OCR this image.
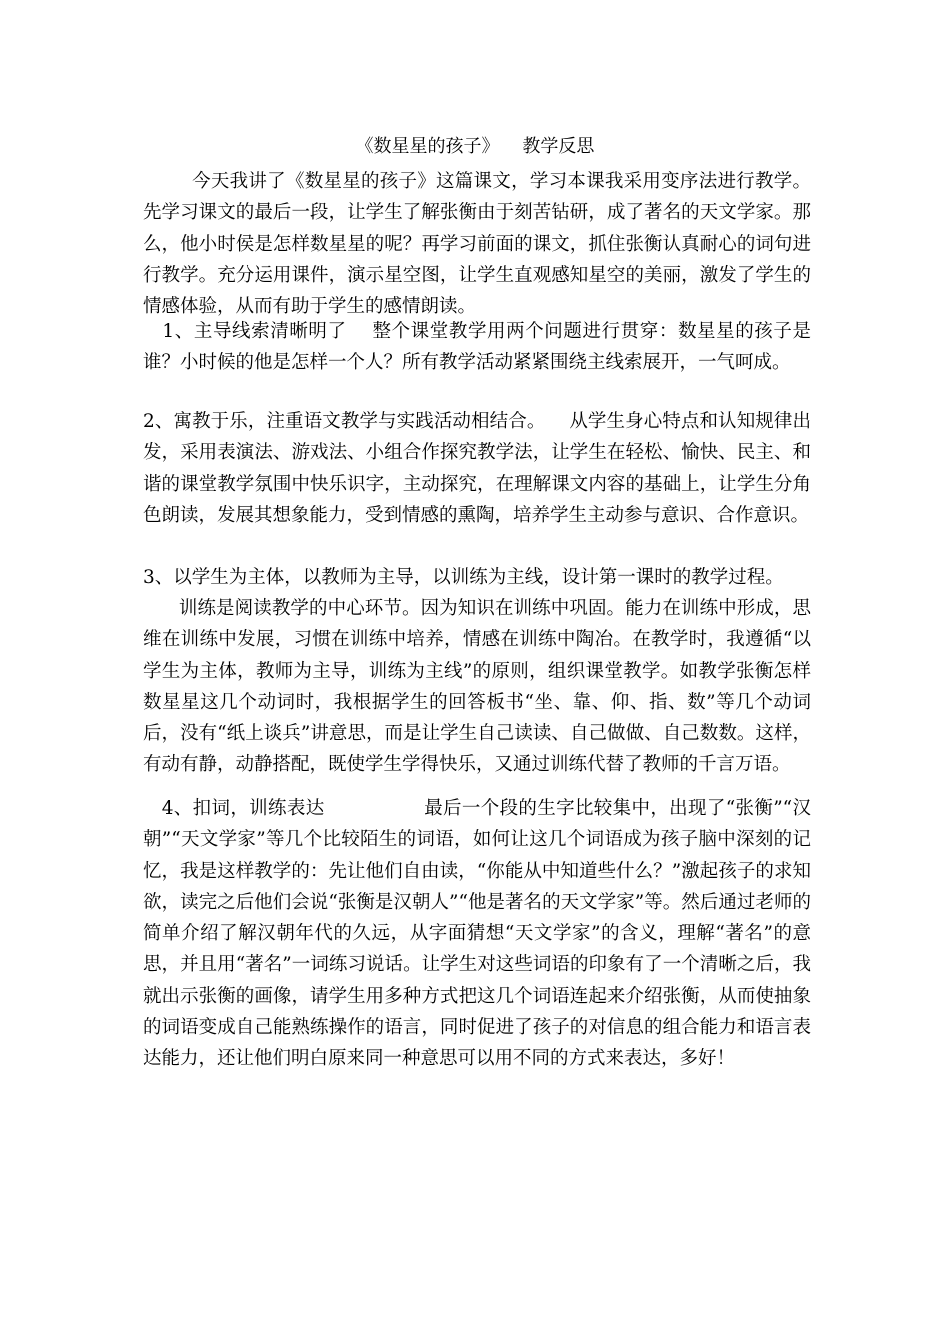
《数星星的孩子》    教学反思

今天我讲了《数星星的孩子》这篇课文，学习本课我采用变序法进行教学。先学习课文的最后一段，让学生了解张衡由于刻苦钻研，成了著名的天文学家。那么，他小时侯是怎样数星星的呢？再学习前面的课文，抓住张衡认真耐心的词句进行教学。充分运用课件，演示星空图，让学生直观感知星空的美丽，激发了学生的情感体验，从而有助于学生的感情朗读。

1、主导线索清晰明了    整个课堂教学用两个问题进行贯穿：数星星的孩子是谁？小时候的他是怎样一个人？所有教学活动紧紧围绕主线索展开，一气呵成。

2、寓教于乐，注重语文教学与实践活动相结合。    从学生身心特点和认知规律出发，采用表演法、游戏法、小组合作探究教学法，让学生在轻松、愉快、民主、和谐的课堂教学氛围中快乐识字，主动探究，在理解课文内容的基础上，让学生分角色朗读，发展其想象能力，受到情感的熏陶，培养学生主动参与意识、合作意识。

3、以学生为主体，以教师为主导，以训练为主线，设计第一课时的教学过程。

训练是阅读教学的中心环节。因为知识在训练中巩固。能力在训练中形成，思维在训练中发展，习惯在训练中培养，情感在训练中陶冶。在教学时，我遵循“以学生为主体，教师为主导，训练为主线”的原则，组织课堂教学。如教学张衡怎样数星星这几个动词时，我根据学生的回答板书“坐、靠、仰、指、数”等几个动词后，没有“纸上谈兵”讲意思，而是让学生自己读读、自己做做、自己数数。这样，有动有静，动静搭配，既使学生学得快乐，又通过训练代替了教师的千言万语。

4、扣词，训练表达                最后一个段的生字比较集中，出现了“张衡”“汉朝”“天文学家”等几个比较陌生的词语，如何让这几个词语成为孩子脑中深刻的记忆，我是这样教学的：先让他们自由读，“你能从中知道些什么？”激起孩子的求知欲，读完之后他们会说“张衡是汉朝人”“他是著名的天文学家”等。然后通过老师的简单介绍了解汉朝年代的久远，从字面猜想“天文学家”的含义，理解“著名”的意思，并且用“著名”一词练习说话。让学生对这些词语的印象有了一个清晰之后，我就出示张衡的画像，请学生用多种方式把这几个词语连起来介绍张衡，从而使抽象的词语变成自己能熟练操作的语言，同时促进了孩子的对信息的组合能力和语言表达能力，还让他们明白原来同一种意思可以用不同的方式来表达，多好！
